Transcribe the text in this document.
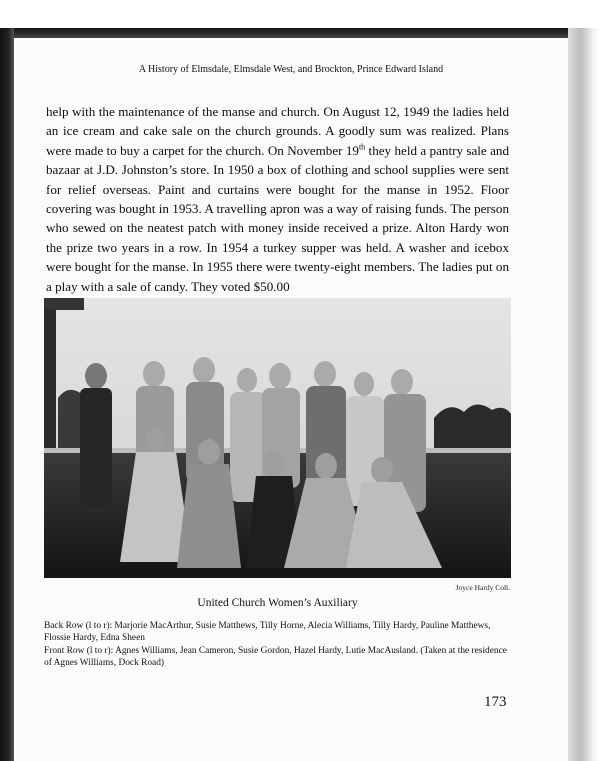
A History of Elmsdale, Elmsdale West, and Brockton, Prince Edward Island

help with the maintenance of the manse and church. On August 12, 1949 the ladies held an ice cream and cake sale on the church grounds. A goodly sum was realized. Plans were made to buy a carpet for the church. On November 19th they held a pantry sale and bazaar at J.D. Johnston’s store. In 1950 a box of clothing and school supplies were sent for relief overseas. Paint and curtains were bought for the manse in 1952. Floor covering was bought in 1953. A travelling apron was a way of raising funds. The person who sewed on the neatest patch with money inside received a prize. Alton Hardy won the prize two years in a row. In 1954 a turkey supper was held. A washer and icebox were bought for the manse. In 1955 there were twenty-eight members. The ladies put on a play with a sale of candy. They voted $50.00

Joyce Hardy Coll.
United Church Women’s Auxiliary

Back Row (l to r): Marjorie MacArthur, Susie Matthews, Tilly Horne, Alecia Williams, Tilly Hardy, Pauline Matthews, Flossie Hardy, Edna Sheen

Front Row (l to r): Agnes Williams, Jean Cameron, Susie Gordon, Hazel Hardy, Lutie MacAusland. (Taken at the residence of Agnes Williams, Dock Road)

173
